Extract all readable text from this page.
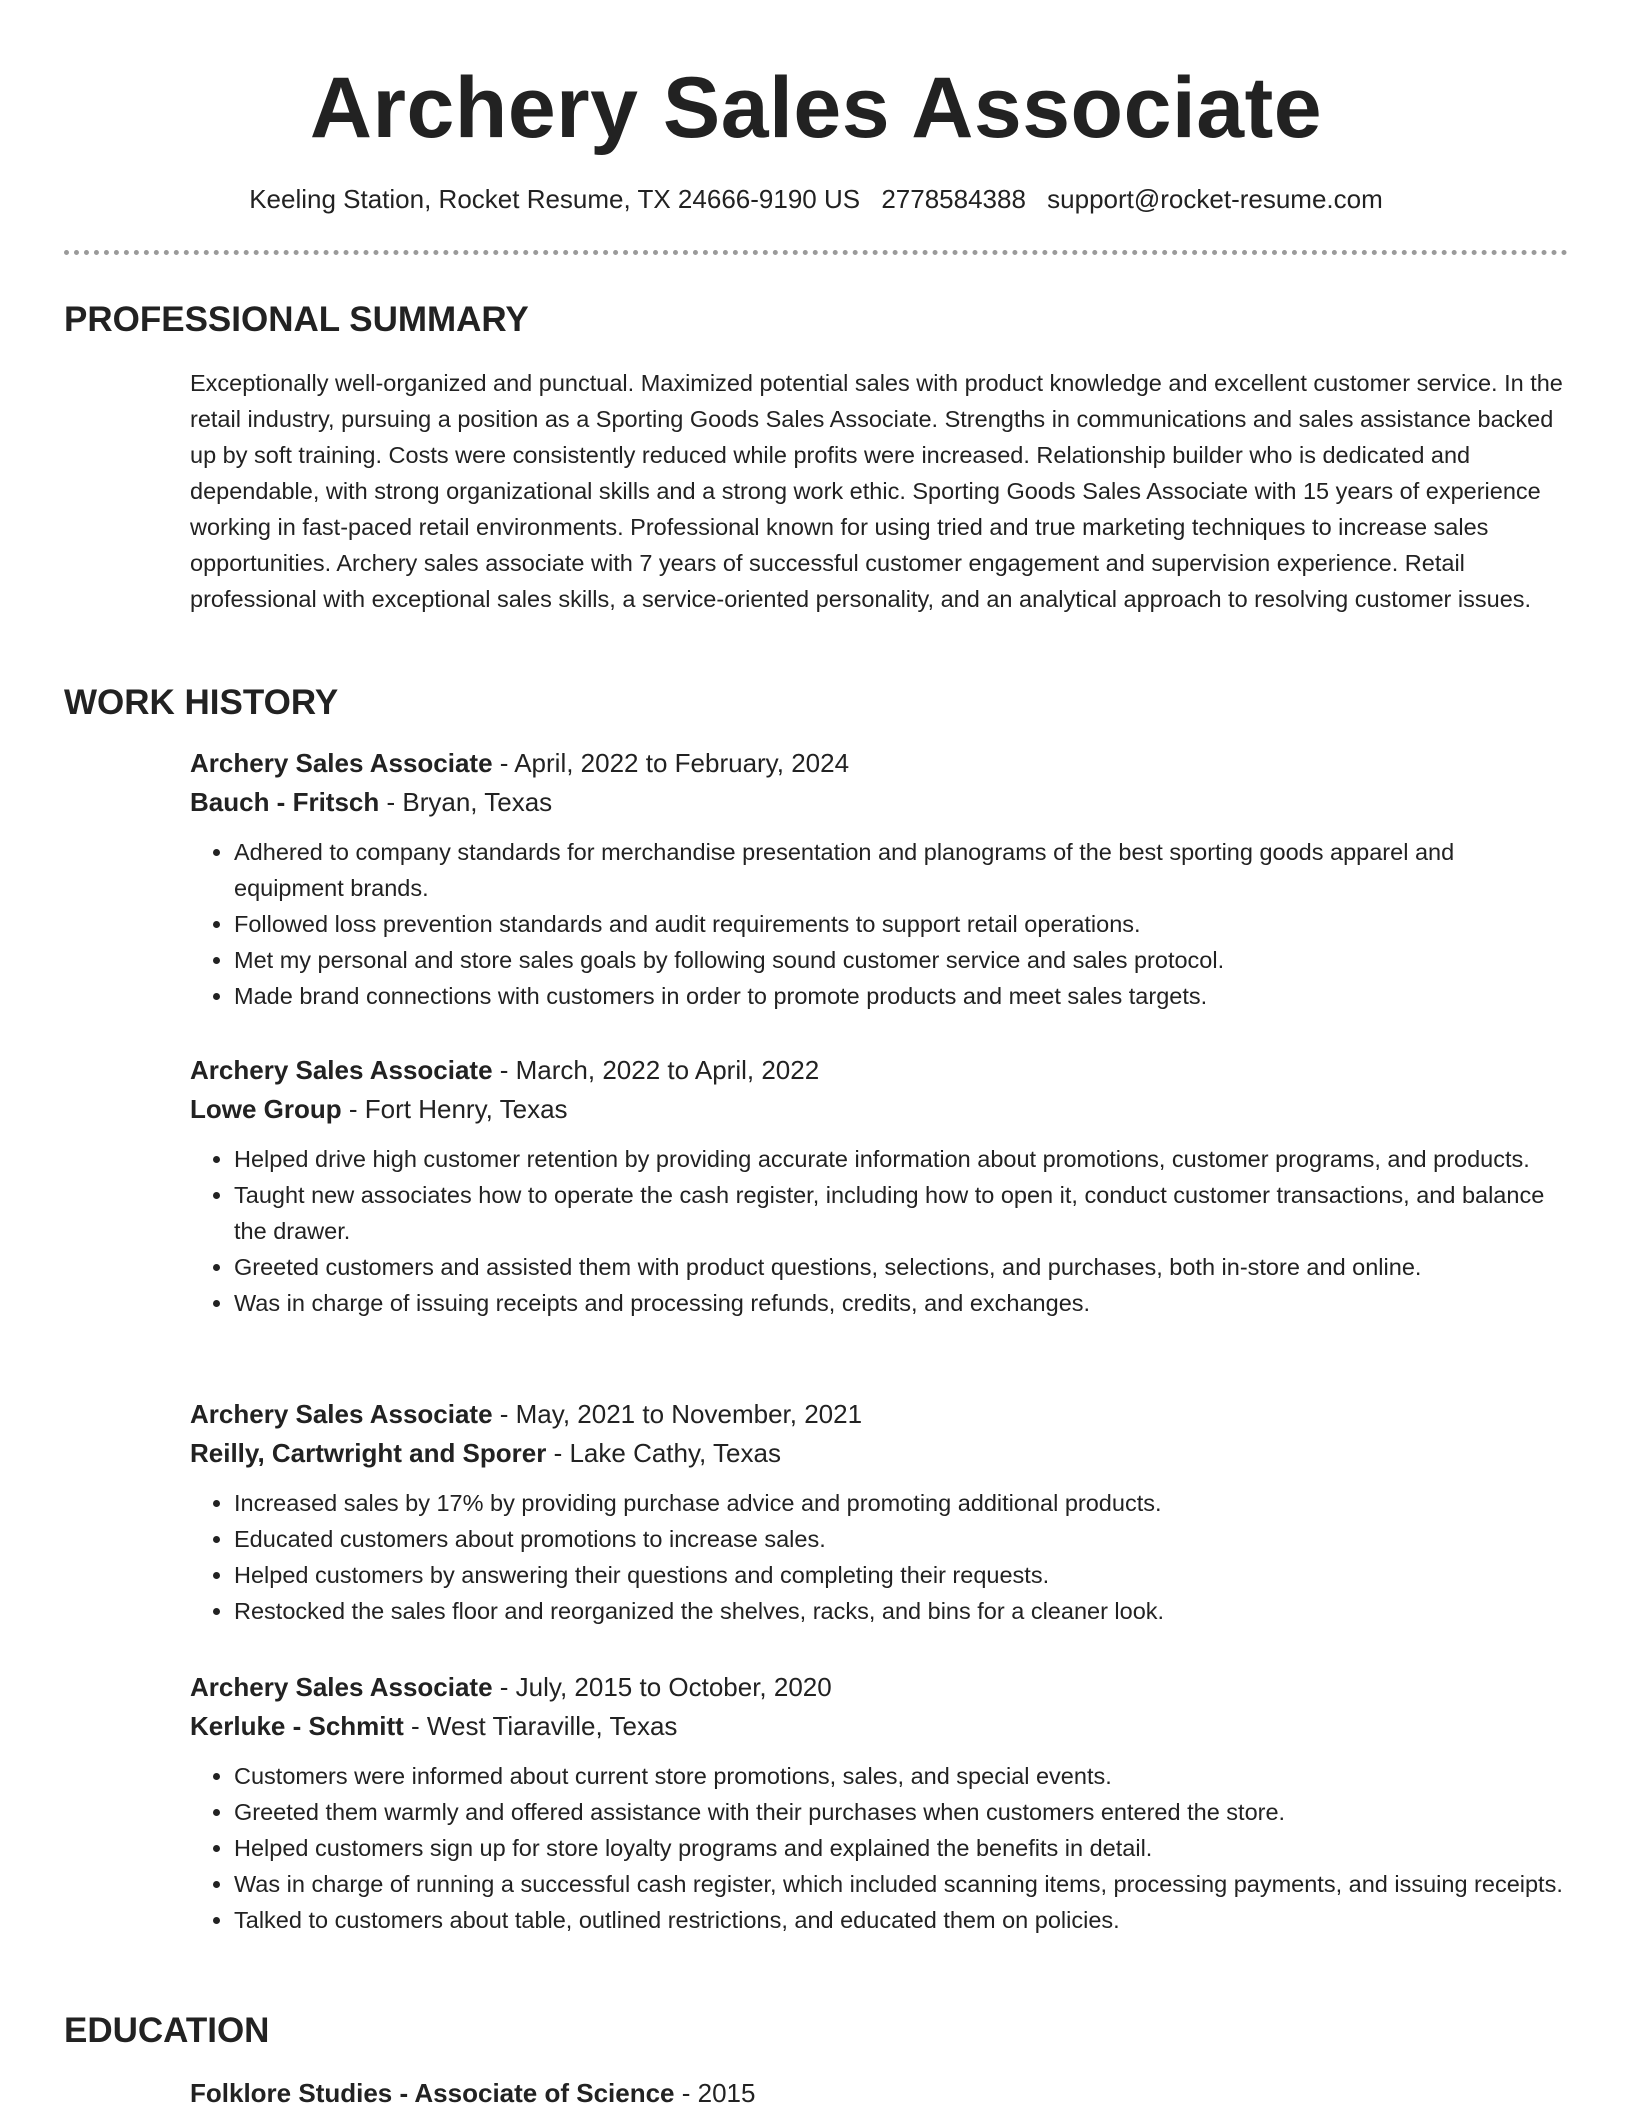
Archery Sales Associate
Keeling Station, Rocket Resume, TX 24666-9190 US 2778584388 support@rocket-resume.com
PROFESSIONAL SUMMARY
Exceptionally well-organized and punctual. Maximized potential sales with product knowledge and excellent customer service. In the retail industry, pursuing a position as a Sporting Goods Sales Associate. Strengths in communications and sales assistance backed up by soft training. Costs were consistently reduced while profits were increased. Relationship builder who is dedicated and dependable, with strong organizational skills and a strong work ethic. Sporting Goods Sales Associate with 15 years of experience working in fast-paced retail environments. Professional known for using tried and true marketing techniques to increase sales opportunities. Archery sales associate with 7 years of successful customer engagement and supervision experience. Retail professional with exceptional sales skills, a service-oriented personality, and an analytical approach to resolving customer issues.
WORK HISTORY
Archery Sales Associate - April, 2022 to February, 2024
Bauch - Fritsch - Bryan, Texas
• Adhered to company standards for merchandise presentation and planograms of the best sporting goods apparel and equipment brands.
• Followed loss prevention standards and audit requirements to support retail operations.
• Met my personal and store sales goals by following sound customer service and sales protocol.
• Made brand connections with customers in order to promote products and meet sales targets.
Archery Sales Associate - March, 2022 to April, 2022
Lowe Group - Fort Henry, Texas
• Helped drive high customer retention by providing accurate information about promotions, customer programs, and products.
• Taught new associates how to operate the cash register, including how to open it, conduct customer transactions, and balance the drawer.
• Greeted customers and assisted them with product questions, selections, and purchases, both in-store and online.
• Was in charge of issuing receipts and processing refunds, credits, and exchanges.
Archery Sales Associate - May, 2021 to November, 2021
Reilly, Cartwright and Sporer - Lake Cathy, Texas
• Increased sales by 17% by providing purchase advice and promoting additional products.
• Educated customers about promotions to increase sales.
• Helped customers by answering their questions and completing their requests.
• Restocked the sales floor and reorganized the shelves, racks, and bins for a cleaner look.
Archery Sales Associate - July, 2015 to October, 2020
Kerluke - Schmitt - West Tiaraville, Texas
• Customers were informed about current store promotions, sales, and special events.
• Greeted them warmly and offered assistance with their purchases when customers entered the store.
• Helped customers sign up for store loyalty programs and explained the benefits in detail.
• Was in charge of running a successful cash register, which included scanning items, processing payments, and issuing receipts.
• Talked to customers about table, outlined restrictions, and educated them on policies.
EDUCATION
Folklore Studies - Associate of Science - 2015
